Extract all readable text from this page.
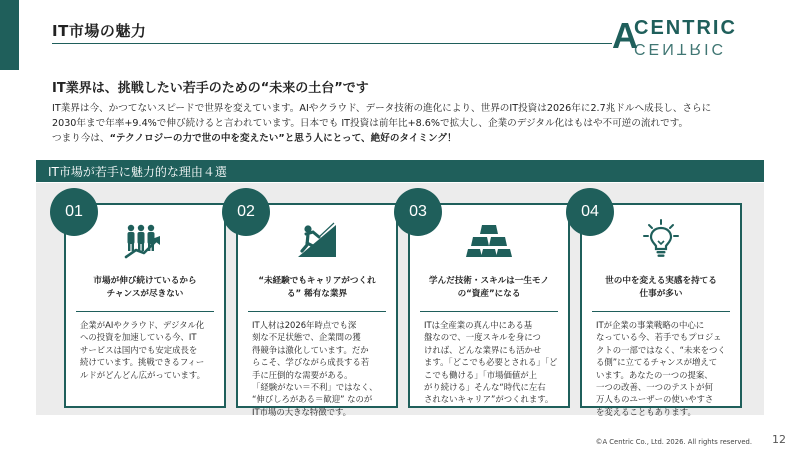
IT市場の魅力	A
CENTRIC
CENTRIC
IT業界は、挑戦したい若手のための“未来の土台”です
IT業界は今、かつてないスピードで世界を変えています。AIやクラウド、データ技術の進化により、世界のIT投資は2026年に2.7兆ドルへ成長し、さらに
2030年まで年率+9.4%で伸び続けると言われています。日本でも IT投資は前年比+8.6%で拡大し、企業のデジタル化はもはや不可逆の流れです。
つまり今は、“テクノロジーの力で世の中を変えたい”と思う人にとって、絶好のタイミング！
IT市場が若手に魅力的な理由４選
01
市場が伸び続けているから
チャンスが尽きない
企業がAIやクラウド、デジタル化
への投資を加速している今、IT
サービスは国内でも安定成長を
続けています。挑戦できるフィー
ルドがどんどん広がっています。
02
“未経験でもキャリアがつくれ
る” 稀有な業界
IT人材は2026年時点でも深
刻な不足状態で、企業間の獲
得競争は激化しています。だか
らこそ、学びながら成長する若
手に圧倒的な需要がある。
「経験がない＝不利」ではなく、
“伸びしろがある＝歓迎” なのが
IT市場の大きな特徴です。
03
学んだ技術・スキルは一生モノ
の“資産”になる
ITは全産業の真ん中にある基
盤なので、一度スキルを身につ
ければ、どんな業界にも活かせ
ます。「どこでも必要とされる」「ど
こでも働ける」「市場価値が上
がり続ける」そんな“時代に左右
されないキャリア”がつくれます。
04
世の中を変える実感を持てる
仕事が多い
ITが企業の事業戦略の中心に
なっている今、若手でもプロジェ
クトの一部ではなく、“未来をつく
る側”に立てるチャンスが増えて
います。あなたの一つの提案、
一つの改善、一つのテストが何
万人ものユーザーの使いやすさ
を変えることもあります。
©A Centric Co., Ltd. 2026. All rights reserved. 12
